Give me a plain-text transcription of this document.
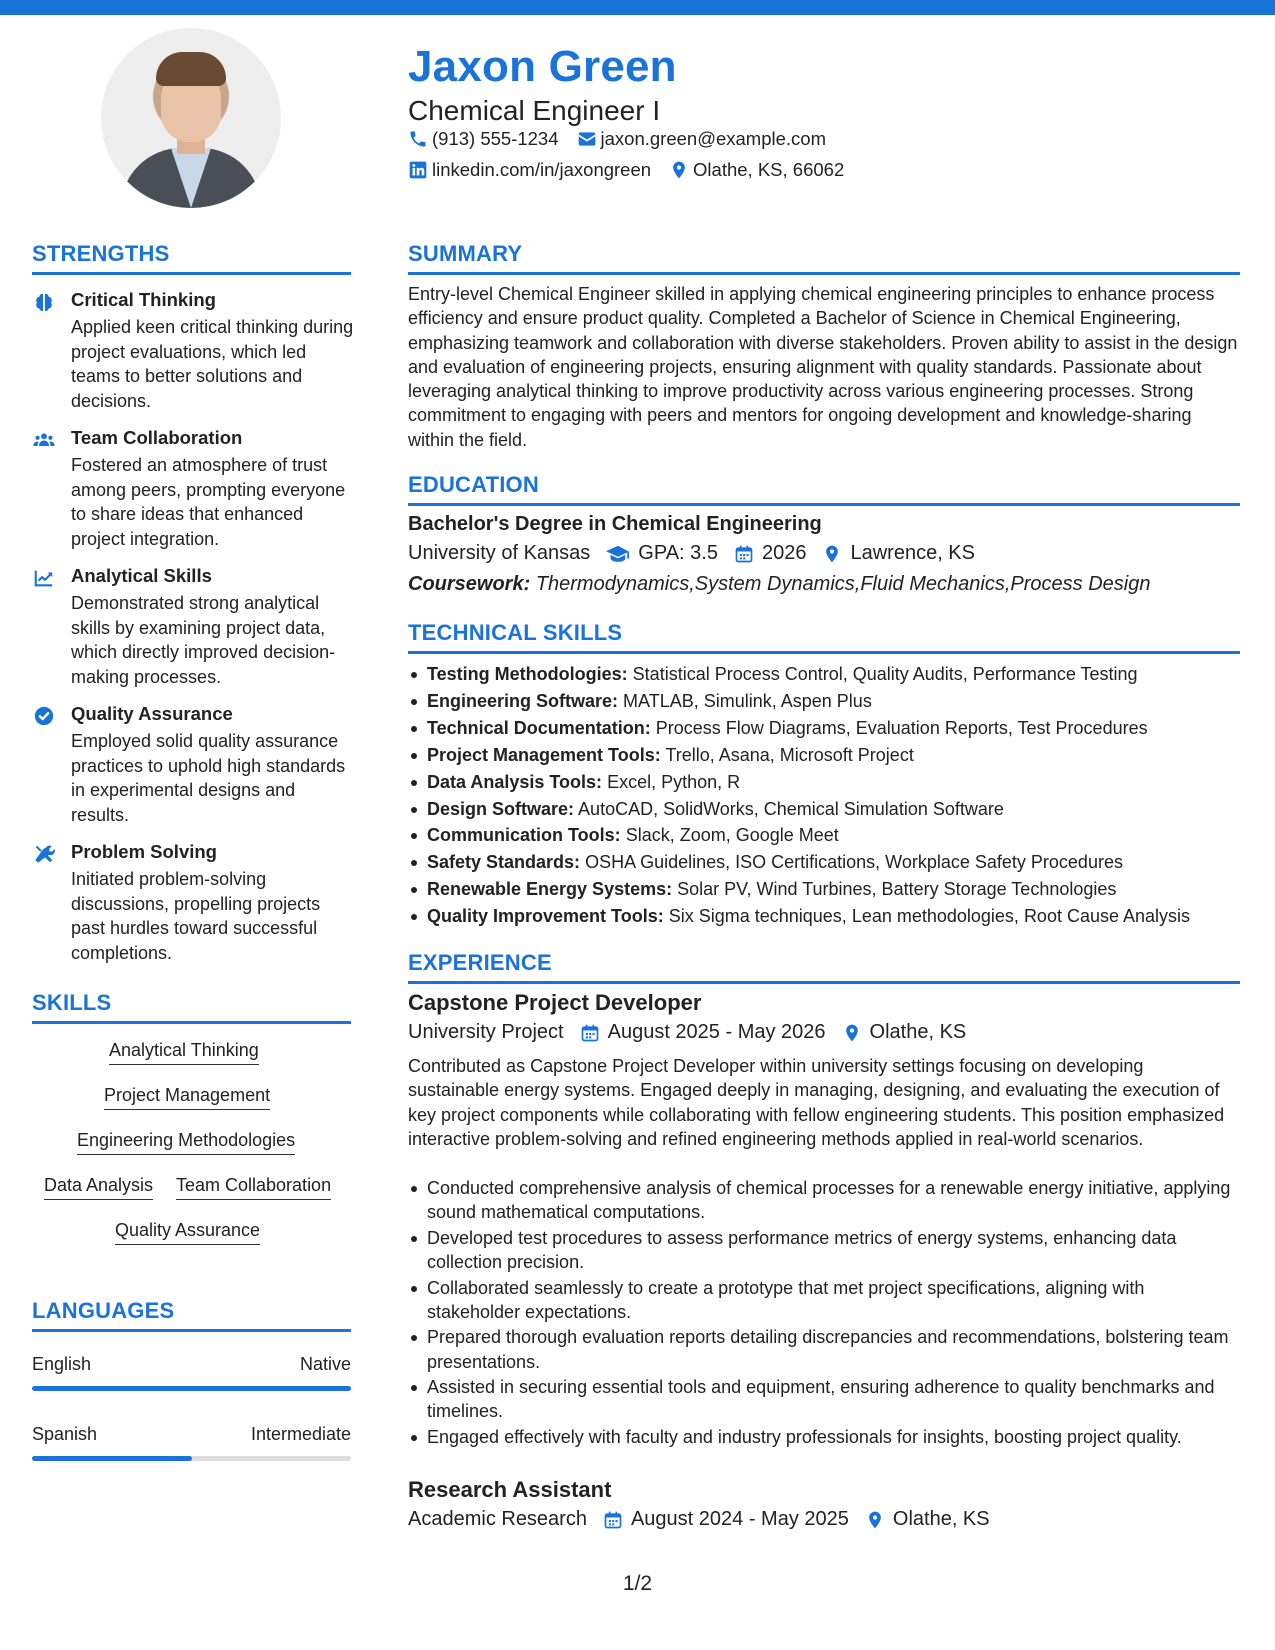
Jaxon Green
Chemical Engineer I
(913) 555-1234 jaxon.green@example.com
linkedin.com/in/jaxongreen Olathe, KS, 66062
STRENGTHS
Critical Thinking
Applied keen critical thinking during project evaluations, which led teams to better solutions and decisions.
Team Collaboration
Fostered an atmosphere of trust among peers, prompting everyone to share ideas that enhanced project integration.
Analytical Skills
Demonstrated strong analytical skills by examining project data, which directly improved decision-making processes.
Quality Assurance
Employed solid quality assurance practices to uphold high standards in experimental designs and results.
Problem Solving
Initiated problem-solving discussions, propelling projects past hurdles toward successful completions.
SKILLS
Analytical Thinking
Project Management
Engineering Methodologies
Data Analysis Team Collaboration
Quality Assurance
LANGUAGES
English	Native
Spanish	Intermediate
SUMMARY
Entry-level Chemical Engineer skilled in applying chemical engineering principles to enhance process efficiency and ensure product quality. Completed a Bachelor of Science in Chemical Engineering, emphasizing teamwork and collaboration with diverse stakeholders. Proven ability to assist in the design and evaluation of engineering projects, ensuring alignment with quality standards. Passionate about leveraging analytical thinking to improve productivity across various engineering processes. Strong commitment to engaging with peers and mentors for ongoing development and knowledge-sharing within the field.
EDUCATION
Bachelor's Degree in Chemical Engineering
University of Kansas GPA: 3.5 2026 Lawrence, KS
Coursework: Thermodynamics,System Dynamics,Fluid Mechanics,Process Design
TECHNICAL SKILLS
Testing Methodologies: Statistical Process Control, Quality Audits, Performance Testing
Engineering Software: MATLAB, Simulink, Aspen Plus
Technical Documentation: Process Flow Diagrams, Evaluation Reports, Test Procedures
Project Management Tools: Trello, Asana, Microsoft Project
Data Analysis Tools: Excel, Python, R
Design Software: AutoCAD, SolidWorks, Chemical Simulation Software
Communication Tools: Slack, Zoom, Google Meet
Safety Standards: OSHA Guidelines, ISO Certifications, Workplace Safety Procedures
Renewable Energy Systems: Solar PV, Wind Turbines, Battery Storage Technologies
Quality Improvement Tools: Six Sigma techniques, Lean methodologies, Root Cause Analysis
EXPERIENCE
Capstone Project Developer
University Project August 2025 - May 2026 Olathe, KS
Contributed as Capstone Project Developer within university settings focusing on developing sustainable energy systems. Engaged deeply in managing, designing, and evaluating the execution of key project components while collaborating with fellow engineering students. This position emphasized interactive problem-solving and refined engineering methods applied in real-world scenarios.
Conducted comprehensive analysis of chemical processes for a renewable energy initiative, applying sound mathematical computations.
Developed test procedures to assess performance metrics of energy systems, enhancing data collection precision.
Collaborated seamlessly to create a prototype that met project specifications, aligning with stakeholder expectations.
Prepared thorough evaluation reports detailing discrepancies and recommendations, bolstering team presentations.
Assisted in securing essential tools and equipment, ensuring adherence to quality benchmarks and timelines.
Engaged effectively with faculty and industry professionals for insights, boosting project quality.
Research Assistant
Academic Research August 2024 - May 2025 Olathe, KS
1/2
